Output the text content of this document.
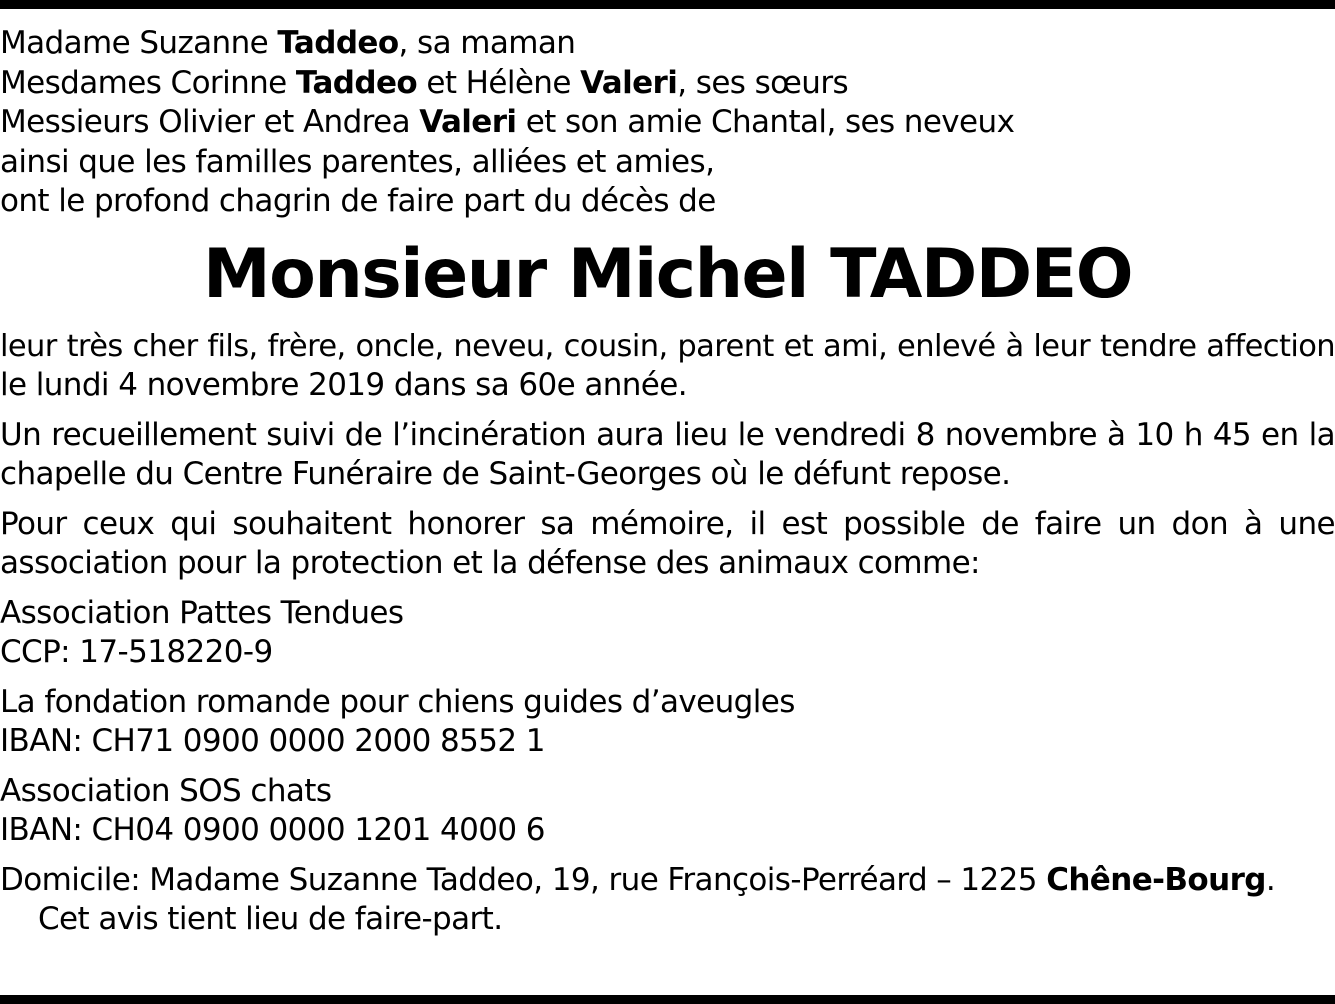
Madame Suzanne Taddeo, sa maman
Mesdames Corinne Taddeo et Hélène Valeri, ses sœurs
Messieurs Olivier et Andrea Valeri et son amie Chantal, ses neveux
ainsi que les familles parentes, alliées et amies,
ont le profond chagrin de faire part du décès de
Monsieur Michel TADDEO
leur très cher fils, frère, oncle, neveu, cousin, parent et ami, enlevé à leur tendre affection
le lundi 4 novembre 2019 dans sa 60e année.
Un recueillement suivi de l’incinération aura lieu le vendredi 8 novembre à 10 h 45 en la
chapelle du Centre Funéraire de Saint-Georges où le défunt repose.
Pour ceux qui souhaitent honorer sa mémoire, il est possible de faire un don à une
association pour la protection et la défense des animaux comme:
Association Pattes Tendues
CCP: 17-518220-9
La fondation romande pour chiens guides d’aveugles
IBAN: CH71 0900 0000 2000 8552 1
Association SOS chats
IBAN: CH04 0900 0000 1201 4000 6
Domicile: Madame Suzanne Taddeo, 19, rue François-Perréard – 1225 Chêne-Bourg.
Cet avis tient lieu de faire-part.
